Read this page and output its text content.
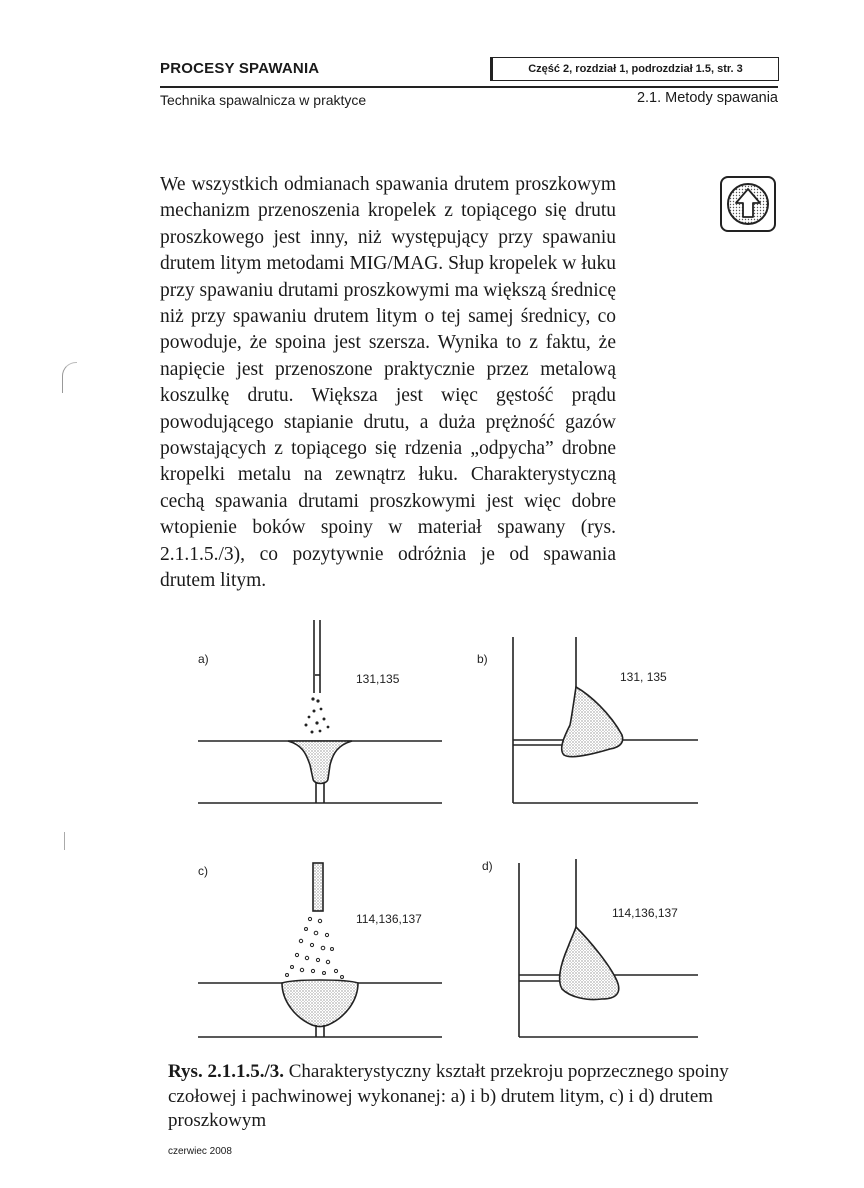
PROCESY SPAWANIA	Część 2, rozdział 1, podrozdział 1.5, str. 3
Technika spawalnicza w praktyce	2.1. Metody spawania
We wszystkich odmianach spawania drutem proszkowym mechanizm przenoszenia kropelek z topiącego się drutu proszkowego jest inny, niż występujący przy spawaniu drutem litym metodami MIG/MAG. Słup kropelek w łuku przy spawaniu drutami proszkowymi ma większą średnicę niż przy spawaniu drutem litym o tej samej średnicy, co powoduje, że spoina jest szersza. Wynika to z faktu, że napięcie jest przenoszone praktycznie przez metalową koszulkę drutu. Większa jest więc gęstość prądu powodującego stapianie drutu, a duża prężność gazów powstających z topiącego się rdzenia „odpycha” drobne kropelki metalu na zewnątrz łuku. Charakterystyczną cechą spawania drutami proszkowymi jest więc dobre wtopienie boków spoiny w materiał spawany (rys. 2.1.1.5./3), co pozytywnie odróżnia je od spawania drutem litym.
a)
131,135
b)
131, 135
c)
114,136,137
d)
114,136,137
Rys. 2.1.1.5./3. Charakterystyczny kształt przekroju poprzecznego spoiny czołowej i pachwinowej wykonanej: a) i b) drutem litym, c) i d) drutem proszkowym
czerwiec 2008
